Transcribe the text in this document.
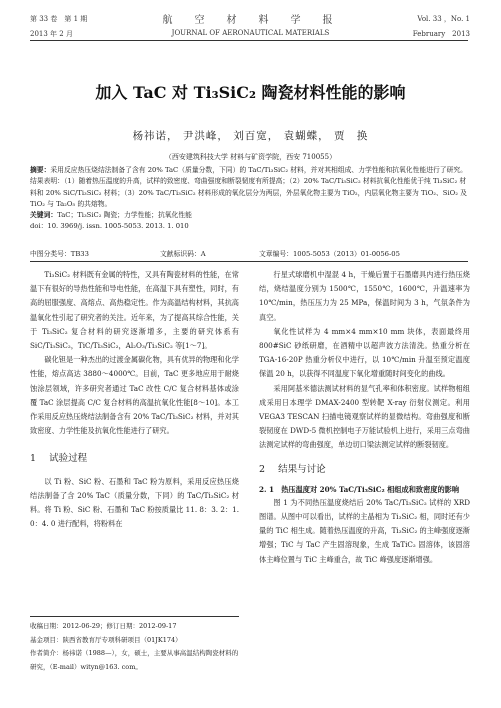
第 33 卷　第 1 期	航　空　材　料　学　报	Vol. 33 ，No. 1
2013 年 2 月	JOURNAL OF AERONAUTICAL MATERIALS	February　2013
加入 TaC 对 Ti₃SiC₂ 陶瓷材料性能的影响
杨祎诺， 尹洪峰， 刘百宽， 袁蝴蝶， 贾　换
（西安建筑科技大学 材料与矿资学院，西安 710055）

摘要：采用反应热压烧结法制备了含有 20% TaC（质量分数，下同）的 TaC/Ti₃SiC₂ 材料，并对其相组成、力学性能和抗氧化性能进行了研究。结果表明：（1）随着热压温度的升高，试样的致密度、弯曲强度和断裂韧度有所提高；（2）20% TaC/Ti₃SiC₂ 材料抗氧化性能优于纯 Ti₃SiC₂ 材料和 20% SiC/Ti₃SiC₂ 材料；（3）20% TaC/Ti₃SiC₂ 材料形成的氧化层分为两层，外层氧化物主要为 TiO₂，内层氧化物主要为 TiO₂、SiO₂ 及 TiO₂ 与 Ta₂O₅ 的共熔物。

关键词：TaC；Ti₃SiC₂ 陶瓷；力学性能；抗氧化性能

doi：10. 3969/j. issn. 1005-5053. 2013. 1. 010

中图分类号：TB33	文献标识码：A	文章编号：1005-5053（2013）01-0056-05

Ti₃SiC₂ 材料既有金属的特性，又具有陶瓷材料的性能，在常温下有很好的导热性能和导电性能，在高温下具有塑性，同时，有高的屈服强度、高熔点、高热稳定性。作为高温结构材料，其抗高温氧化性引起了研究者的关注。近年来，为了提高其综合性能，关于 Ti₃SiC₂ 复合材料的研究逐渐增多，主要的研究体系有 SiC/Ti₃SiC₂，TiC/Ti₃SiC₂，Al₂O₃/Ti₃SiC₂ 等[1～7]。

碳化钽是一种杰出的过渡金属碳化物，具有优异的物理和化学性能，熔点高达 3880～4000℃。目前，TaC 更多地应用于耐烧蚀涂层领域，许多研究者通过 TaC 改性 C/C 复合材料基体或涂覆 TaC 涂层提高 C/C 复合材料的高温抗氧化性能[8～10]。本工作采用反应热压烧结法制备含有 20% TaC/Ti₃SiC₂ 材料，并对其致密度、力学性能及抗氧化性能进行了研究。

1 试验过程

以 Ti 粉、SiC 粉、石墨和 TaC 粉为原料，采用反应热压烧结法制备了含 20% TaC（质量分数，下同）的 TaC/Ti₃SiC₂ 材料。将 Ti 粉、SiC 粉、石墨和 TaC 粉按质量比 11. 8：3. 2：1. 0：4. 0 进行配料，将粉料在

收稿日期：2012-06-29；修订日期：2012-09-17
基金项目：陕西省教育厅专项科研项目（01JK174）
作者简介：杨祎诺（1988—），女，硕士，主要从事高温结构陶瓷材料的研究，（E-mail）wityn@163. com。

行星式球磨机中湿混 4 h，干燥后置于石墨磨具内进行热压烧结，烧结温度分别为 1500℃，1550℃，1600℃，升温速率为 10℃/min，热压压力为 25 MPa，保温时间为 3 h，气氛条件为真空。

氧化性试样为 4 mm×4 mm×10 mm 块体，表面最终用 800#SiC 砂纸研磨，在酒精中以超声波方法清洗。热重分析在 TGA-16-20P 热重分析仪中进行，以 10℃/min 升温至预定温度保温 20 h，以获得不同温度下氧化增重随时间变化的曲线。

采用阿基米德法测试材料的显气孔率和体积密度。试样物相组成采用日本理学 DMAX-2400 型转靶 X-ray 衍射仪测定。利用 VEGA3 TESCAN 扫描电镜观察试样的显微结构。弯曲强度和断裂韧度在 DWD-5 微机控制电子万能试验机上进行，采用三点弯曲法测定试样的弯曲强度，单边切口梁法测定试样的断裂韧度。

2 结果与讨论
2. 1　热压温度对 20% TaC/Ti₃SiC₂ 相组成和致密度的影响

图 1 为不同热压温度烧结后 20% TaC/Ti₃SiC₂ 试样的 XRD 图谱。从图中可以看出，试样的主晶相为 Ti₃SiC₂ 相，同时还有少量的 TiC 相生成。随着热压温度的升高，Ti₃SiC₂ 的主峰强度逐渐增强；TiC 与 TaC 产生固溶现象，生成 TaTiC₂ 固溶体，该固溶体主峰位置与 TiC 主峰重合，故 TiC 峰强度逐渐增强。
